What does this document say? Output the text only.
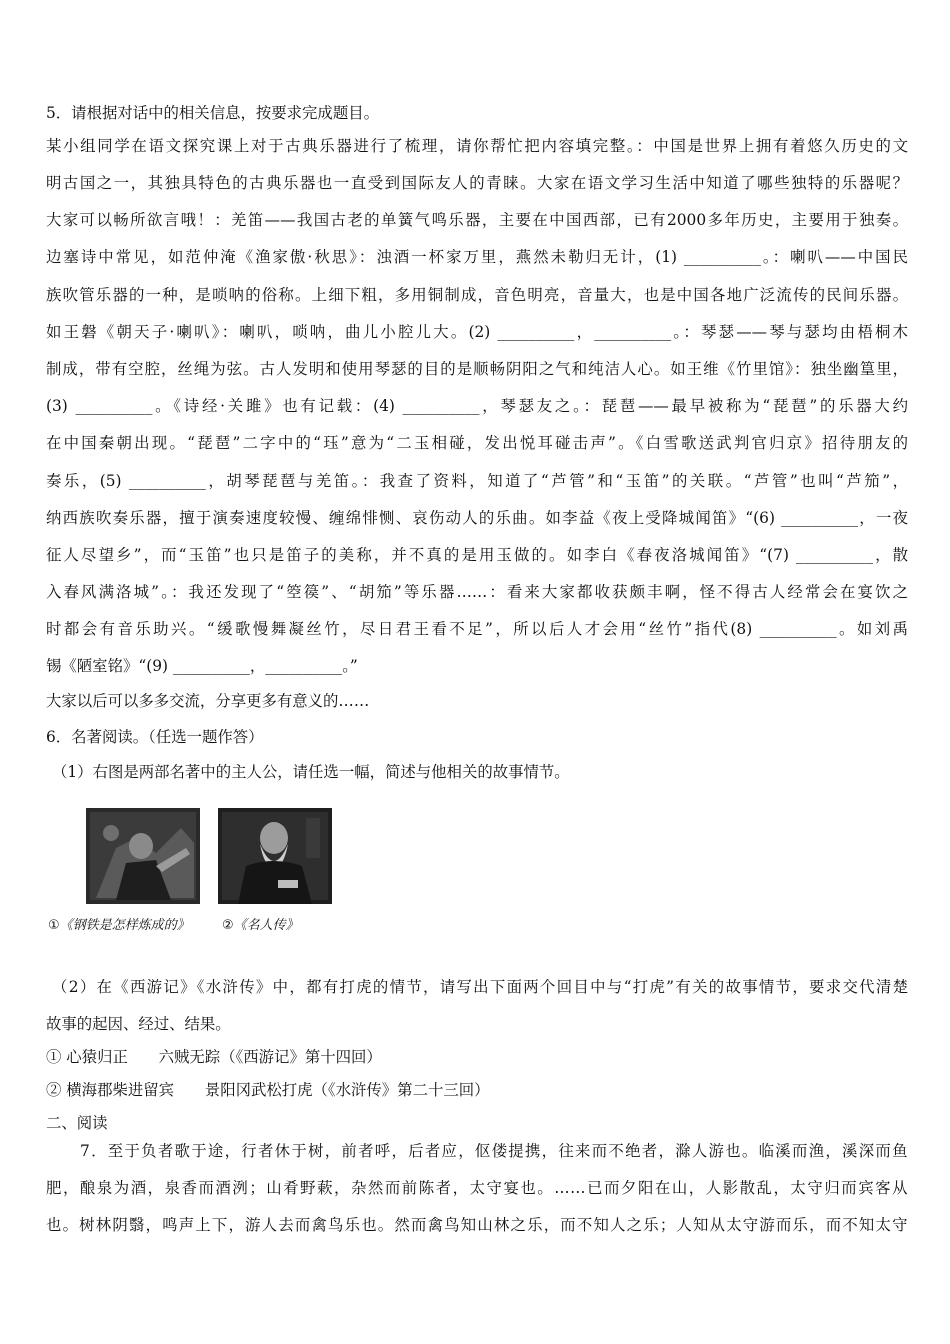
5．请根据对话中的相关信息，按要求完成题目。
某小组同学在语文探究课上对于古典乐器进行了梳理，请你帮忙把内容填完整。：中国是世界上拥有着悠久历史的文
明古国之一，其独具特色的古典乐器也一直受到国际友人的青睐。大家在语文学习生活中知道了哪些独特的乐器呢？
大家可以畅所欲言哦！：羌笛——我国古老的单簧气鸣乐器，主要在中国西部，已有2000多年历史，主要用于独奏。
边塞诗中常见，如范仲淹《渔家傲·秋思》：浊酒一杯家万里，燕然未勒归无计，(1) __________。：喇叭——中国民
族吹管乐器的一种，是唢呐的俗称。上细下粗，多用铜制成，音色明亮，音量大，也是中国各地广泛流传的民间乐器。
如王磐《朝天子·喇叭》：喇叭，唢呐，曲儿小腔儿大。(2) __________，__________。：琴瑟——琴与瑟均由梧桐木
制成，带有空腔，丝绳为弦。古人发明和使用琴瑟的目的是顺畅阴阳之气和纯洁人心。如王维《竹里馆》：独坐幽篁里，
(3) __________。《诗经·关雎》也有记载：(4) __________，琴瑟友之。：琵琶——最早被称为“琵琶”的乐器大约
在中国秦朝出现。“琵琶”二字中的“珏”意为“二玉相碰，发出悦耳碰击声”。《白雪歌送武判官归京》招待朋友的
奏乐，(5) __________，胡琴琵琶与羌笛。：我查了资料，知道了“芦管”和“玉笛”的关联。“芦管”也叫“芦笳”，
纳西族吹奏乐器，擅于演奏速度较慢、缠绵悱恻、哀伤动人的乐曲。如李益《夜上受降城闻笛》“(6) __________，一夜
征人尽望乡”，而“玉笛”也只是笛子的美称，并不真的是用玉做的。如李白《春夜洛城闻笛》“(7) __________，散
入春风满洛城”。：我还发现了“箜篌”、“胡笳”等乐器……：看来大家都收获颇丰啊，怪不得古人经常会在宴饮之
时都会有音乐助兴。“缓歌慢舞凝丝竹，尽日君王看不足”，所以后人才会用“丝竹”指代(8) __________。如刘禹
锡《陋室铭》“(9) __________，__________。”
大家以后可以多多交流，分享更多有意义的……
6．名著阅读。（任选一题作答）
（1）右图是两部名著中的主人公，请任选一幅，简述与他相关的故事情节。
①《钢铁是怎样炼成的》 ②《名人传》
（2）在《西游记》《水浒传》中，都有打虎的情节，请写出下面两个回目中与“打虎”有关的故事情节，要求交代清楚
故事的起因、经过、结果。
① 心猿归正　　六贼无踪（《西游记》第十四回）
② 横海郡柴进留宾　　景阳冈武松打虎（《水浒传》第二十三回）
二、阅读
7．至于负者歌于途，行者休于树，前者呼，后者应，伛偻提携，往来而不绝者，滁人游也。临溪而渔，溪深而鱼
肥，酿泉为酒，泉香而酒洌；山肴野蔌，杂然而前陈者，太守宴也。……已而夕阳在山，人影散乱，太守归而宾客从
也。树林阴翳，鸣声上下，游人去而禽鸟乐也。然而禽鸟知山林之乐，而不知人之乐；人知从太守游而乐，而不知太守
